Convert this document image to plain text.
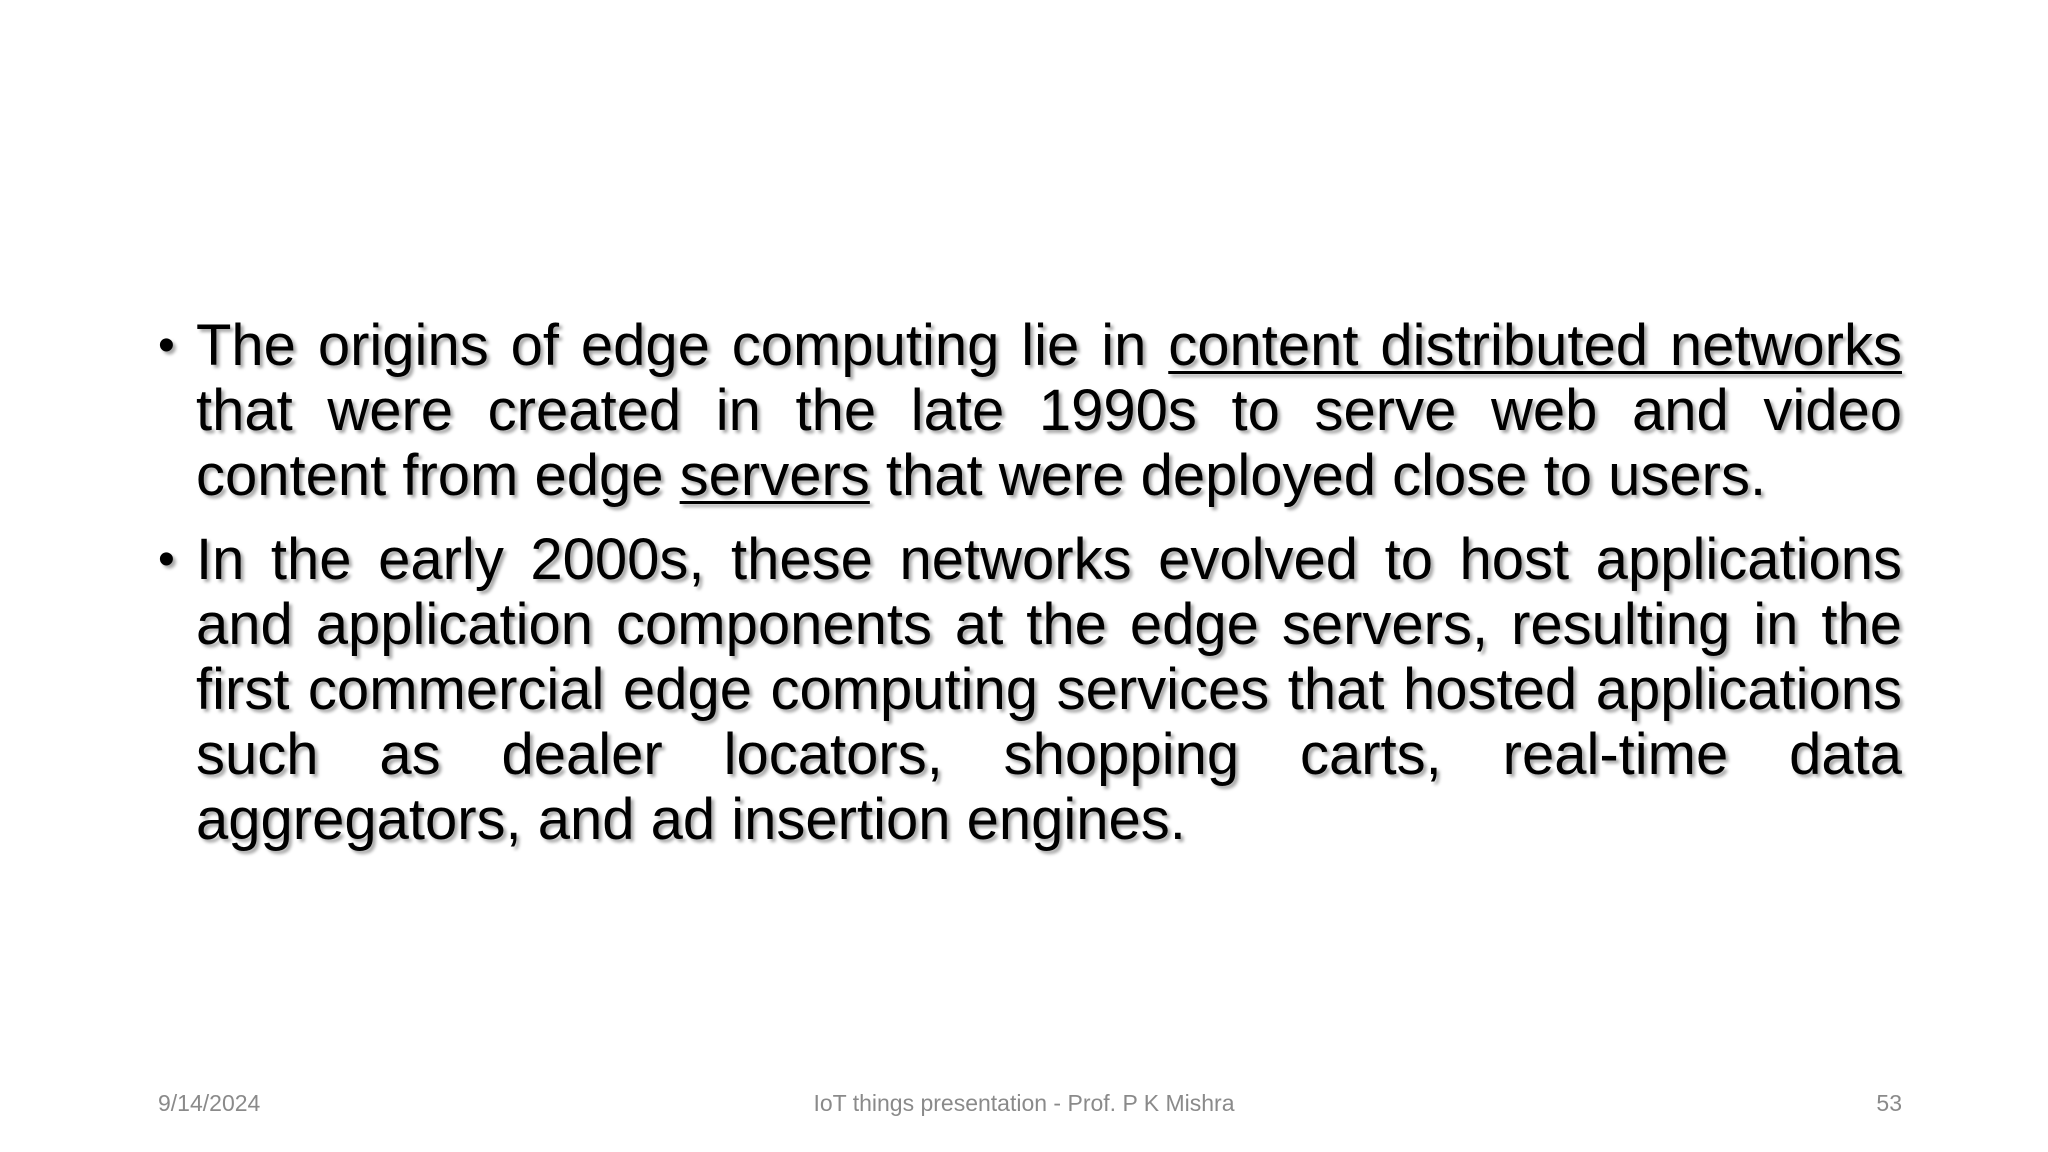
• The origins of edge computing lie in content distributed networks that were created in the late 1990s to serve web and video content from edge servers that were deployed close to users.
• In the early 2000s, these networks evolved to host applications and application components at the edge servers, resulting in the first commercial edge computing services that hosted applications such as dealer locators, shopping carts, real-time data aggregators, and ad insertion engines.
9/14/2024	IoT things presentation - Prof. P K Mishra	53
